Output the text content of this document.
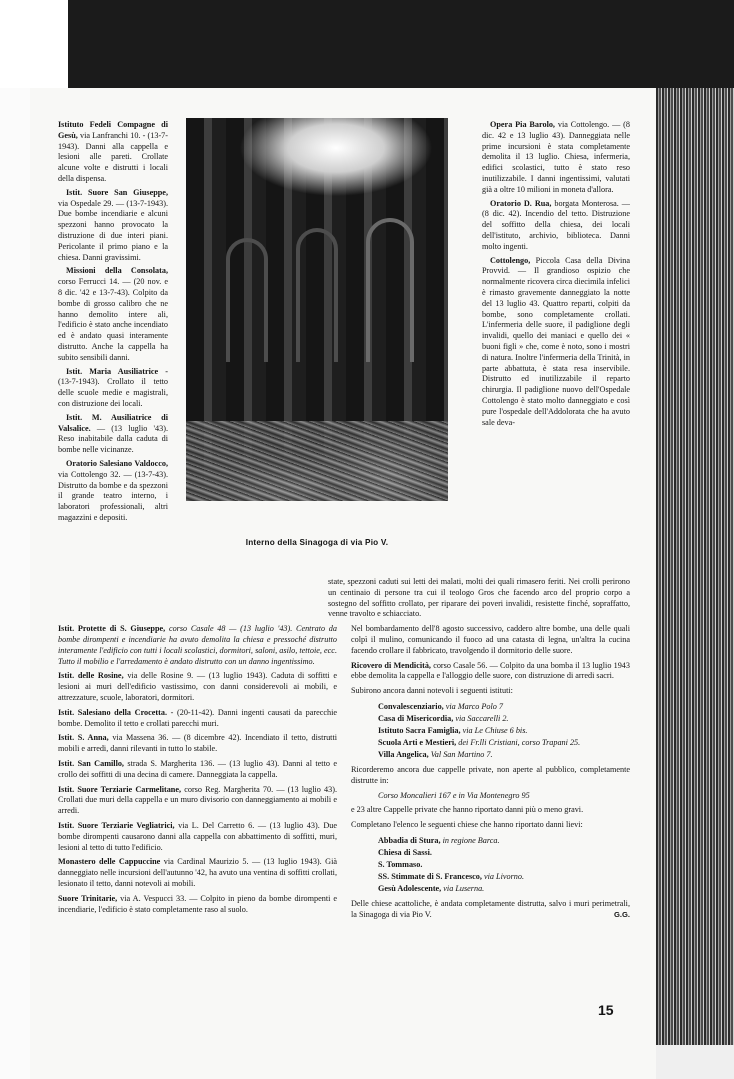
Istituto Fedeli Compagne di Gesù, via Lanfranchi 10. - (13-7-1943). Danni alla cappella e lesioni alle pareti. Crollate alcune volte e distrutti i locali della dispensa.

Istit. Suore San Giuseppe, via Ospedale 29. — (13-7-1943). Due bombe incendiarie e alcuni spezzoni hanno provocato la distruzione di due interi piani. Pericolante il primo piano e la chiesa. Danni gravissimi.

Missioni della Consolata, corso Ferrucci 14. — (20 nov. e 8 dic. '42 e 13-7-43). Colpito da bombe di grosso calibro che ne hanno demolito intere ali, l'edificio è stato anche incendiato ed è andato quasi interamente distrutto. Anche la cappella ha subito sensibili danni.

Istit. Maria Ausiliatrice - (13-7-1943). Crollato il tetto delle scuole medie e magistrali, con distruzione dei locali.

Istit. M. Ausiliatrice di Valsalice. — (13 luglio '43). Reso inabitabile dalla caduta di bombe nelle vicinanze.

Oratorio Salesiano Valdocco, via Cottolengo 32. — (13-7-43). Distrutto da bombe e da spezzoni il grande teatro interno, i laboratori professionali, altri magazzini e depositi.

Interno della Sinagoga di via Pio V.

Opera Pia Barolo, via Cottolengo. — (8 dic. 42 e 13 luglio 43). Danneggiata nelle prime incursioni è stata completamente demolita il 13 luglio. Chiesa, infermeria, edifici scolastici, tutto è stato reso inutilizzabile. I danni ingentissimi, valutati già a oltre 10 milioni in moneta d'allora.

Oratorio D. Rua, borgata Monterosa. — (8 dic. 42). Incendio del tetto. Distruzione del soffitto della chiesa, dei locali dell'istituto, archivio, biblioteca. Danni molto ingenti.

Cottolengo, Piccola Casa della Divina Provvid. — Il grandioso ospizio che normalmente ricovera circa diecimila infelici è rimasto gravemente danneggiato la notte del 13 luglio 43. Quattro reparti, colpiti da bombe, sono completamente crollati. L'infermeria delle suore, il padiglione degli invalidi, quello dei maniaci e quello dei « buoni figli » che, come è noto, sono i mostri di natura. Inoltre l'infermeria della Trinità, in parte abbattuta, è stata resa inservibile. Distrutto ed inutilizzabile il reparto chirurgia. Il padiglione nuovo dell'Ospedale Cottolengo è stato molto danneggiato e così pure l'ospedale dell'Addolorata che ha avuto sale deva-

state, spezzoni caduti sui letti dei malati, molti dei quali rimasero feriti. Nei crolli perirono un centinaio di persone tra cui il teologo Gros che facendo arco del proprio corpo a sostegno del soffitto crollato, per riparare dei poveri invalidi, resistette finché, sopraffatto, venne travolto e schiacciato.

Istit. Protette di S. Giuseppe, corso Casale 48 — (13 luglio '43). Centrato da bombe dirompenti e incendiarie ha avuto demolita la chiesa e pressoché distrutto interamente l'edificio con tutti i locali scolastici, dormitori, saloni, asilo, tettoie, ecc. Tutto il mobilio e l'arredamento è andato distrutto con un danno ingentissimo.

Istit. delle Rosine, via delle Rosine 9. — (13 luglio 1943). Caduta di soffitti e lesioni ai muri dell'edificio vastissimo, con danni considerevoli ai mobili, e attrezzature, scuole, laboratori, dormitori.

Istit. Salesiano della Crocetta. - (20-11-42). Danni ingenti causati da parecchie bombe. Demolito il tetto e crollati parecchi muri.

Istit. S. Anna, via Massena 36. — (8 dicembre 42). Incendiato il tetto, distrutti mobili e arredi, danni rilevanti in tutto lo stabile.

Istit. San Camillo, strada S. Margherita 136. — (13 luglio 43). Danni al tetto e crollo dei soffitti di una decina di camere. Danneggiata la cappella.

Istit. Suore Terziarie Carmelitane, corso Reg. Margherita 70. — (13 luglio 43). Crollati due muri della cappella e un muro divisorio con danneggiamento ai mobili e arredi.

Istit. Suore Terziarie Vegliatrici, via L. Del Carretto 6. — (13 luglio 43). Due bombe dirompenti causarono danni alla cappella con abbattimento di soffitti, muri, lesioni al tetto di tutto l'edificio.

Monastero delle Cappuccine via Cardinal Maurizio 5. — (13 luglio 1943). Già danneggiato nelle incursioni dell'autunno '42, ha avuto una ventina di soffitti crollati, lesionato il tetto, danni notevoli ai mobili.

Suore Trinitarie, via A. Vespucci 33. — Colpito in pieno da bombe dirompenti e incendiarie, l'edificio è stato completamente raso al suolo.

Nel bombardamento dell'8 agosto successivo, caddero altre bombe, una delle quali colpì il mulino, comunicando il fuoco ad una catasta di legna, un'altra la cucina facendo crollare il fabbricato, travolgendo il dormitorio delle suore.

Ricovero di Mendicità, corso Casale 56. — Colpito da una bomba il 13 luglio 1943 ebbe demolita la cappella e l'alloggio delle suore, con distruzione di arredi sacri.

Subirono ancora danni notevoli i seguenti istituti:

Convalescenziario, via Marco Polo 7
Casa di Misericordia, via Saccarelli 2.
Istituto Sacra Famiglia, via Le Chiuse 6 bis.
Scuola Arti e Mestieri, dei Fr.lli Cristiani, corso Trapani 25.
Villa Angelica, Val San Martino 7.

Ricorderemo ancora due cappelle private, non aperte al pubblico, completamente distrutte in:

Corso Moncalieri 167 e in Via Montenegro 95

e 23 altre Cappelle private che hanno riportato danni più o meno gravi.

Completano l'elenco le seguenti chiese che hanno riportato danni lievi:

Abbadia di Stura, in regione Barca.
Chiesa di Sassi.
S. Tommaso.
SS. Stimmate di S. Francesco, via Livorno.
Gesù Adolescente, via Luserna.

Delle chiese acattoliche, è andata completamente distrutta, salvo i muri perimetrali, la Sinagoga di via Pio V.	G.G.

15
